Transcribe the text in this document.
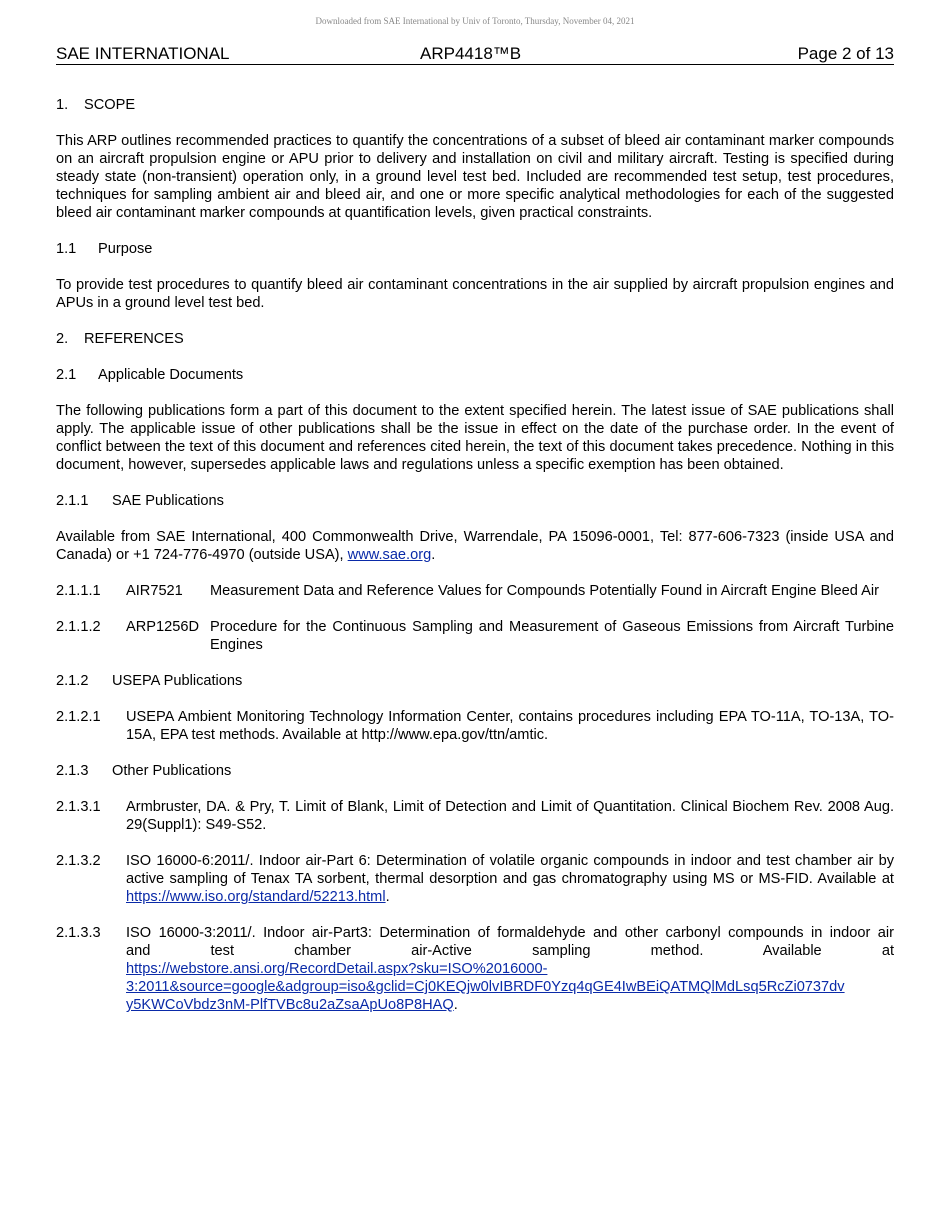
Downloaded from SAE International by Univ of Toronto, Thursday, November 04, 2021
SAE INTERNATIONAL	ARP4418™B	Page 2 of 13
1. SCOPE

This ARP outlines recommended practices to quantify the concentrations of a subset of bleed air contaminant marker compounds on an aircraft propulsion engine or APU prior to delivery and installation on civil and military aircraft. Testing is specified during steady state (non-transient) operation only, in a ground level test bed. Included are recommended test setup, test procedures, techniques for sampling ambient air and bleed air, and one or more specific analytical methodologies for each of the suggested bleed air contaminant marker compounds at quantification levels, given practical constraints.

1.1 Purpose

To provide test procedures to quantify bleed air contaminant concentrations in the air supplied by aircraft propulsion engines and APUs in a ground level test bed.

2. REFERENCES
2.1 Applicable Documents

The following publications form a part of this document to the extent specified herein. The latest issue of SAE publications shall apply. The applicable issue of other publications shall be the issue in effect on the date of the purchase order. In the event of conflict between the text of this document and references cited herein, the text of this document takes precedence. Nothing in this document, however, supersedes applicable laws and regulations unless a specific exemption has been obtained.

2.1.1 SAE Publications

Available from SAE International, 400 Commonwealth Drive, Warrendale, PA 15096-0001, Tel: 877-606-7323 (inside USA and Canada) or +1 724-776-4970 (outside USA), www.sae.org.

2.1.1.1 AIR7521 Measurement Data and Reference Values for Compounds Potentially Found in Aircraft Engine Bleed Air
2.1.1.2 ARP1256D Procedure for the Continuous Sampling and Measurement of Gaseous Emissions from Aircraft Turbine Engines
2.1.2 USEPA Publications
2.1.2.1 USEPA Ambient Monitoring Technology Information Center, contains procedures including EPA TO-11A, TO-13A, TO-15A, EPA test methods. Available at http://www.epa.gov/ttn/amtic.
2.1.3 Other Publications
2.1.3.1 Armbruster, DA. & Pry, T. Limit of Blank, Limit of Detection and Limit of Quantitation. Clinical Biochem Rev. 2008 Aug. 29(Suppl1): S49-S52.
2.1.3.2 ISO 16000-6:2011/. Indoor air-Part 6: Determination of volatile organic compounds in indoor and test chamber air by active sampling of Tenax TA sorbent, thermal desorption and gas chromatography using MS or MS-FID. Available at https://www.iso.org/standard/52213.html.
2.1.3.3 ISO 16000-3:2011/. Indoor air-Part3: Determination of formaldehyde and other carbonyl compounds in indoor air
and test chamber air-Active sampling method. Available at
https://webstore.ansi.org/RecordDetail.aspx?sku=ISO%2016000-
3:2011&source=google&adgroup=iso&gclid=Cj0KEQjw0lvIBRDF0Yzq4qGE4IwBEiQATMQlMdLsq5RcZi0737dv
y5KWCoVbdz3nM-PlfTVBc8u2aZsaApUo8P8HAQ.
